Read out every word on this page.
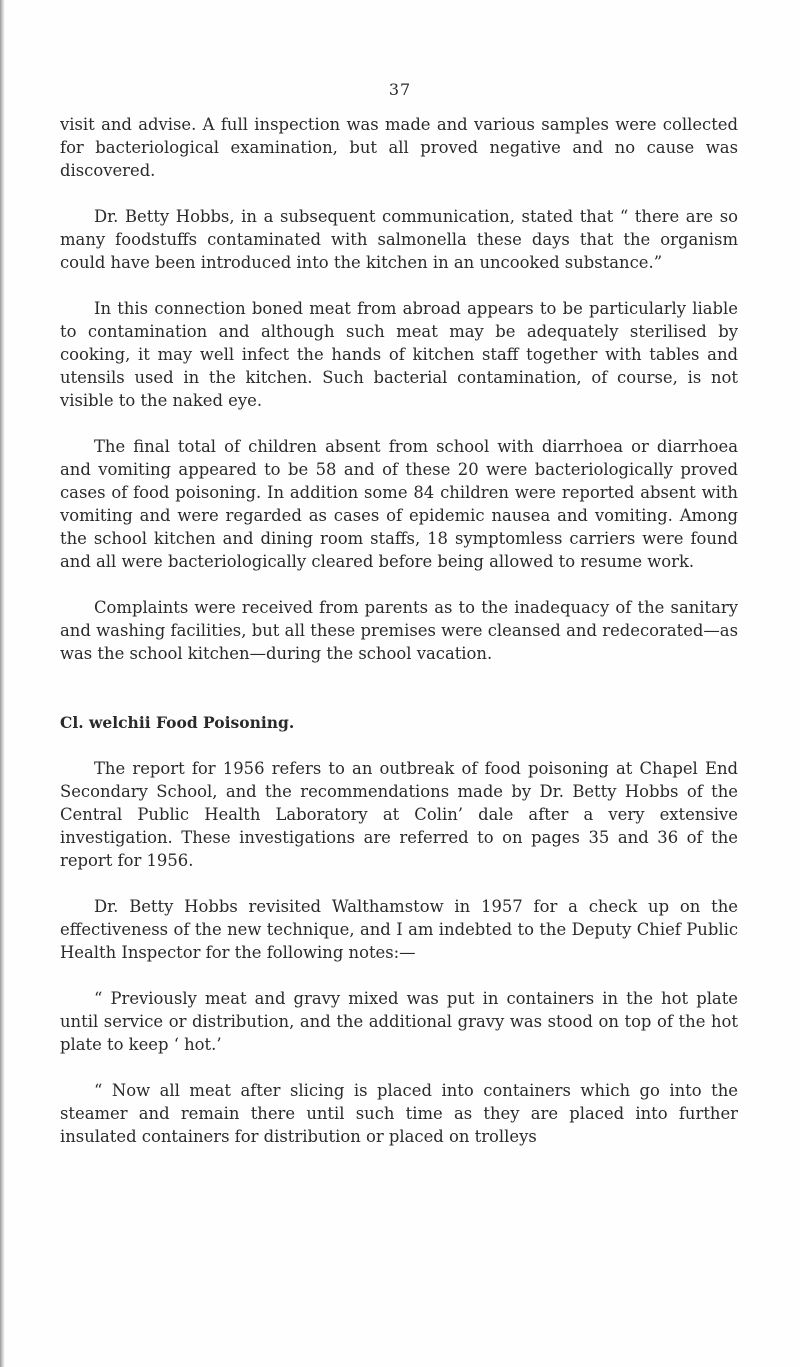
37

visit and advise. A full inspection was made and various samples were collected for bacteriological examination, but all proved negative and no cause was discovered.

Dr. Betty Hobbs, in a subsequent communication, stated that “ there are so many foodstuffs contaminated with salmonella these days that the organism could have been introduced into the kitchen in an uncooked substance.”

In this connection boned meat from abroad appears to be particularly liable to contamination and although such meat may be adequately sterilised by cooking, it may well infect the hands of kitchen staff together with tables and utensils used in the kitchen. Such bacterial contamination, of course, is not visible to the naked eye.

The final total of children absent from school with diarrhoea or diarrhoea and vomiting appeared to be 58 and of these 20 were bacteriologically proved cases of food poisoning. In addition some 84 children were reported absent with vomiting and were regarded as cases of epidemic nausea and vomiting. Among the school kitchen and dining room staffs, 18 symptomless carriers were found and all were bacteriologically cleared before being allowed to resume work.

Complaints were received from parents as to the inadequacy of the sanitary and washing facilities, but all these premises were cleansed and redecorated—as was the school kitchen—during the school vacation.

Cl. welchii Food Poisoning.

The report for 1956 refers to an outbreak of food poisoning at Chapel End Secondary School, and the recommendations made by Dr. Betty Hobbs of the Central Public Health Laboratory at Colin’ dale after a very extensive investigation. These investigations are referred to on pages 35 and 36 of the report for 1956.

Dr. Betty Hobbs revisited Walthamstow in 1957 for a check up on the effectiveness of the new technique, and I am indebted to the Deputy Chief Public Health Inspector for the following notes:—

“ Previously meat and gravy mixed was put in containers in the hot plate until service or distribution, and the additional gravy was stood on top of the hot plate to keep ‘ hot.’

“ Now all meat after slicing is placed into containers which go into the steamer and remain there until such time as they are placed into further insulated containers for distribution or placed on trolleys
